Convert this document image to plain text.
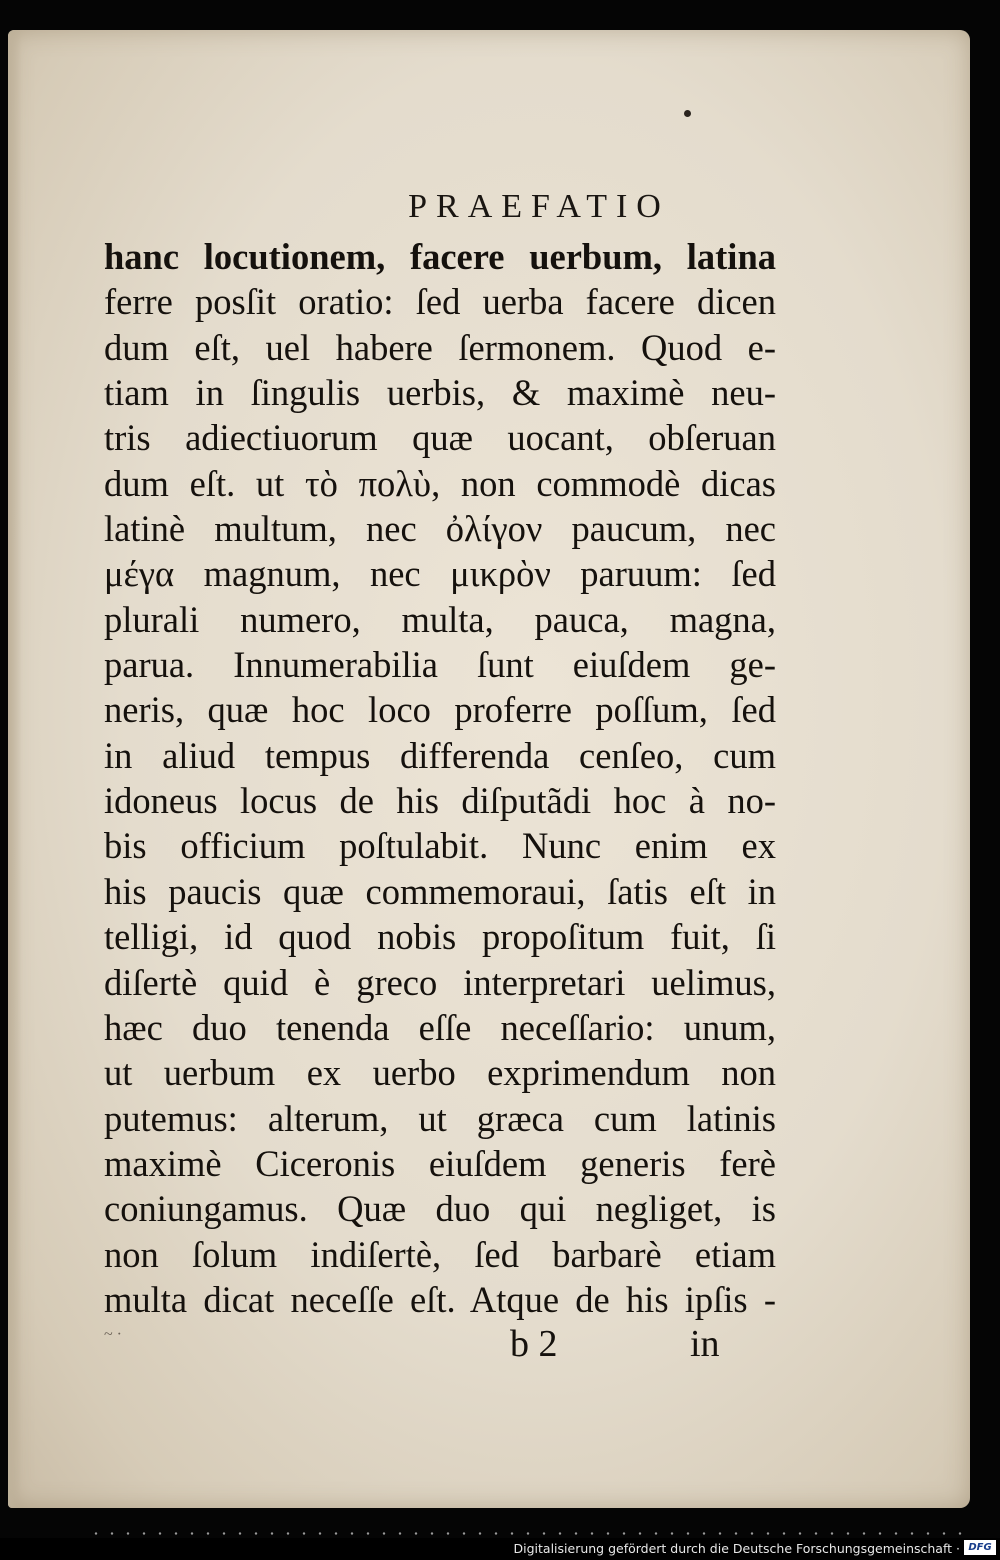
PRAEFATIO
hanc locutionem, facere uerbum, latina
ferre posſit oratio: ſed uerba facere dicen
dum eſt, uel habere ſermonem. Quod e-
tiam in ſingulis uerbis, & maximè neu-
tris adiectiuorum quæ uocant, obſeruan
dum eſt. ut τὸ πολὺ, non commodè dicas
latinè multum, nec ὀλίγον paucum, nec
μέγα magnum, nec μικρὸν paruum: ſed
plurali numero, multa, pauca, magna,
parua. Innumerabilia ſunt eiuſdem ge-
neris, quæ hoc loco proferre poſſum, ſed
in aliud tempus differenda cenſeo, cum
idoneus locus de his diſputãdi hoc à no-
bis officium poſtulabit. Nunc enim ex
his paucis quæ commemoraui, ſatis eſt in
telligi, id quod nobis propoſitum fuit, ſi
diſertè quid è greco interpretari uelimus,
hæc duo tenenda eſſe neceſſario: unum,
ut uerbum ex uerbo exprimendum non
putemus: alterum, ut græca cum latinis
maximè Ciceronis eiuſdem generis ferè
coniungamus. Quæ duo qui negliget, is
non ſolum indiſertè, ſed barbarè etiam
multa dicat neceſſe eſt. Atque de his ipſis -
~ ·	b 2	in
Digitalisierung gefördert durch die Deutsche Forschungsgemeinschaft · DFG
